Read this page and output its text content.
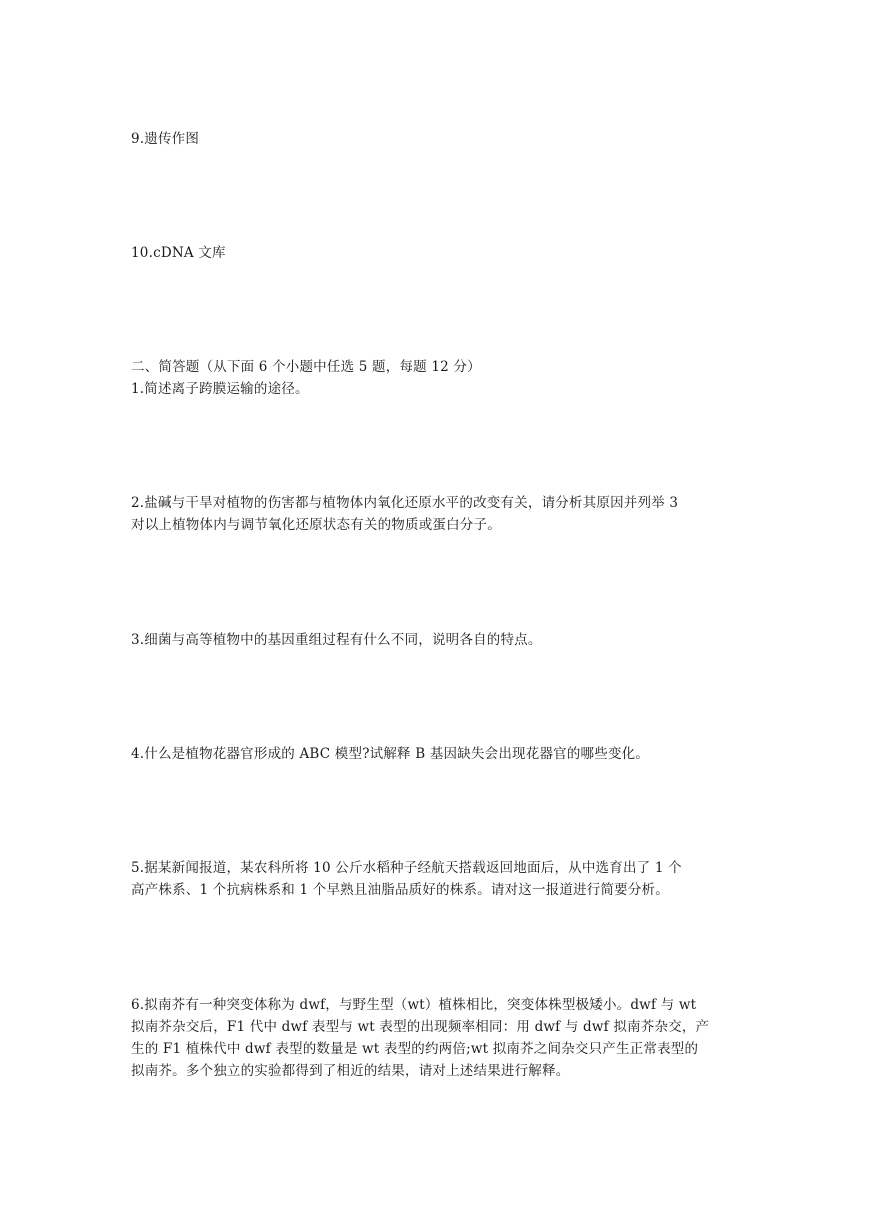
9.遗传作图
10.cDNA 文库
二、简答题（从下面 6 个小题中任选 5 题，每题 12 分）
1.简述离子跨膜运输的途径。
2.盐碱与干旱对植物的伤害都与植物体内氧化还原水平的改变有关，请分析其原因并列举 3
对以上植物体内与调节氧化还原状态有关的物质或蛋白分子。
3.细菌与高等植物中的基因重组过程有什么不同，说明各自的特点。
4.什么是植物花器官形成的 ABC 模型?试解释 B 基因缺失会出现花器官的哪些变化。
5.据某新闻报道，某农科所将 10 公斤水稻种子经航天搭载返回地面后，从中选育出了 1 个
高产株系、1 个抗病株系和 1 个早熟且油脂品质好的株系。请对这一报道进行简要分析。
6.拟南芥有一种突变体称为 dwf，与野生型（wt）植株相比，突变体株型极矮小。dwf 与 wt
拟南芥杂交后，F1 代中 dwf 表型与 wt 表型的出现频率相同：用 dwf 与 dwf 拟南芥杂交，产
生的 F1 植株代中 dwf 表型的数量是 wt 表型的约两倍;wt 拟南芥之间杂交只产生正常表型的
拟南芥。多个独立的实验都得到了相近的结果，请对上述结果进行解释。
